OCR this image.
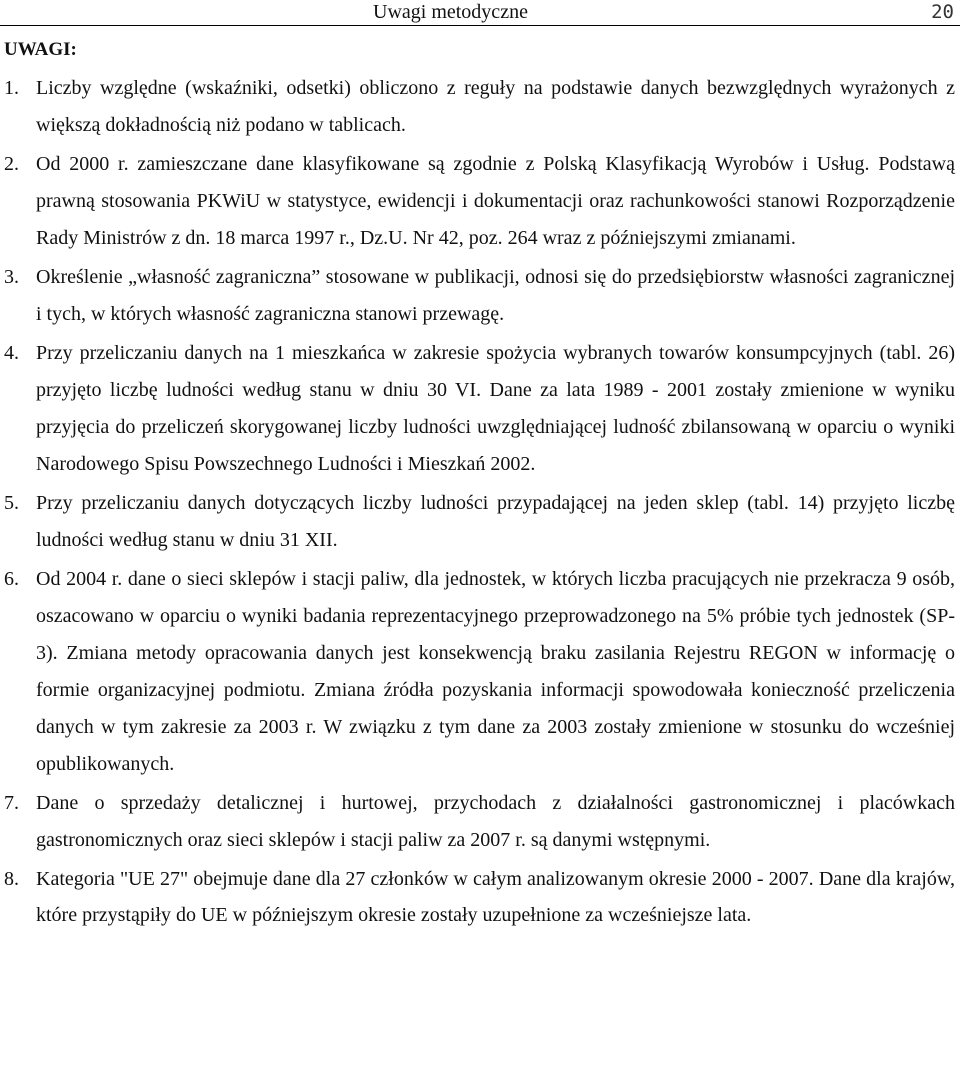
Uwagi metodyczne	20
UWAGI:
1. Liczby względne (wskaźniki, odsetki) obliczono z reguły na podstawie danych bezwzględnych wyrażonych z większą dokładnością niż podano w tablicach.
2. Od 2000 r. zamieszczane dane klasyfikowane są zgodnie z Polską Klasyfikacją Wyrobów i Usług. Podstawą prawną stosowania PKWiU w statystyce, ewidencji i dokumentacji oraz rachunkowości stanowi Rozporządzenie Rady Ministrów z dn. 18 marca 1997 r., Dz.U. Nr 42, poz. 264 wraz z późniejszymi zmianami.
3. Określenie „własność zagraniczna” stosowane w publikacji, odnosi się do przedsiębiorstw własności zagranicznej i tych, w których własność zagraniczna stanowi przewagę.
4. Przy przeliczaniu danych na 1 mieszkańca w zakresie spożycia wybranych towarów konsumpcyjnych (tabl. 26) przyjęto liczbę ludności według stanu w dniu 30 VI. Dane za lata 1989 - 2001 zostały zmienione w wyniku przyjęcia do przeliczeń skorygowanej liczby ludności uwzględniającej ludność zbilansowaną w oparciu o wyniki Narodowego Spisu Powszechnego Ludności i Mieszkań 2002.
5. Przy przeliczaniu danych dotyczących liczby ludności przypadającej na jeden sklep (tabl. 14) przyjęto liczbę ludności według stanu w dniu 31 XII.
6. Od 2004 r. dane o sieci sklepów i stacji paliw, dla jednostek, w których liczba pracujących nie przekracza 9 osób, oszacowano w oparciu o wyniki badania reprezentacyjnego przeprowadzonego na 5% próbie tych jednostek (SP-3). Zmiana metody opracowania danych jest konsekwencją braku zasilania Rejestru REGON w informację o formie organizacyjnej podmiotu. Zmiana źródła pozyskania informacji spowodowała konieczność przeliczenia danych w tym zakresie za 2003 r. W związku z tym dane za 2003 zostały zmienione w stosunku do wcześniej opublikowanych.
7. Dane o sprzedaży detalicznej i hurtowej, przychodach z działalności gastronomicznej i placówkach gastronomicznych oraz sieci sklepów i stacji paliw za 2007 r. są danymi wstępnymi.
8. Kategoria "UE 27" obejmuje dane dla 27 członków w całym analizowanym okresie 2000 - 2007. Dane dla krajów, które przystąpiły do UE w późniejszym okresie zostały uzupełnione za wcześniejsze lata.
